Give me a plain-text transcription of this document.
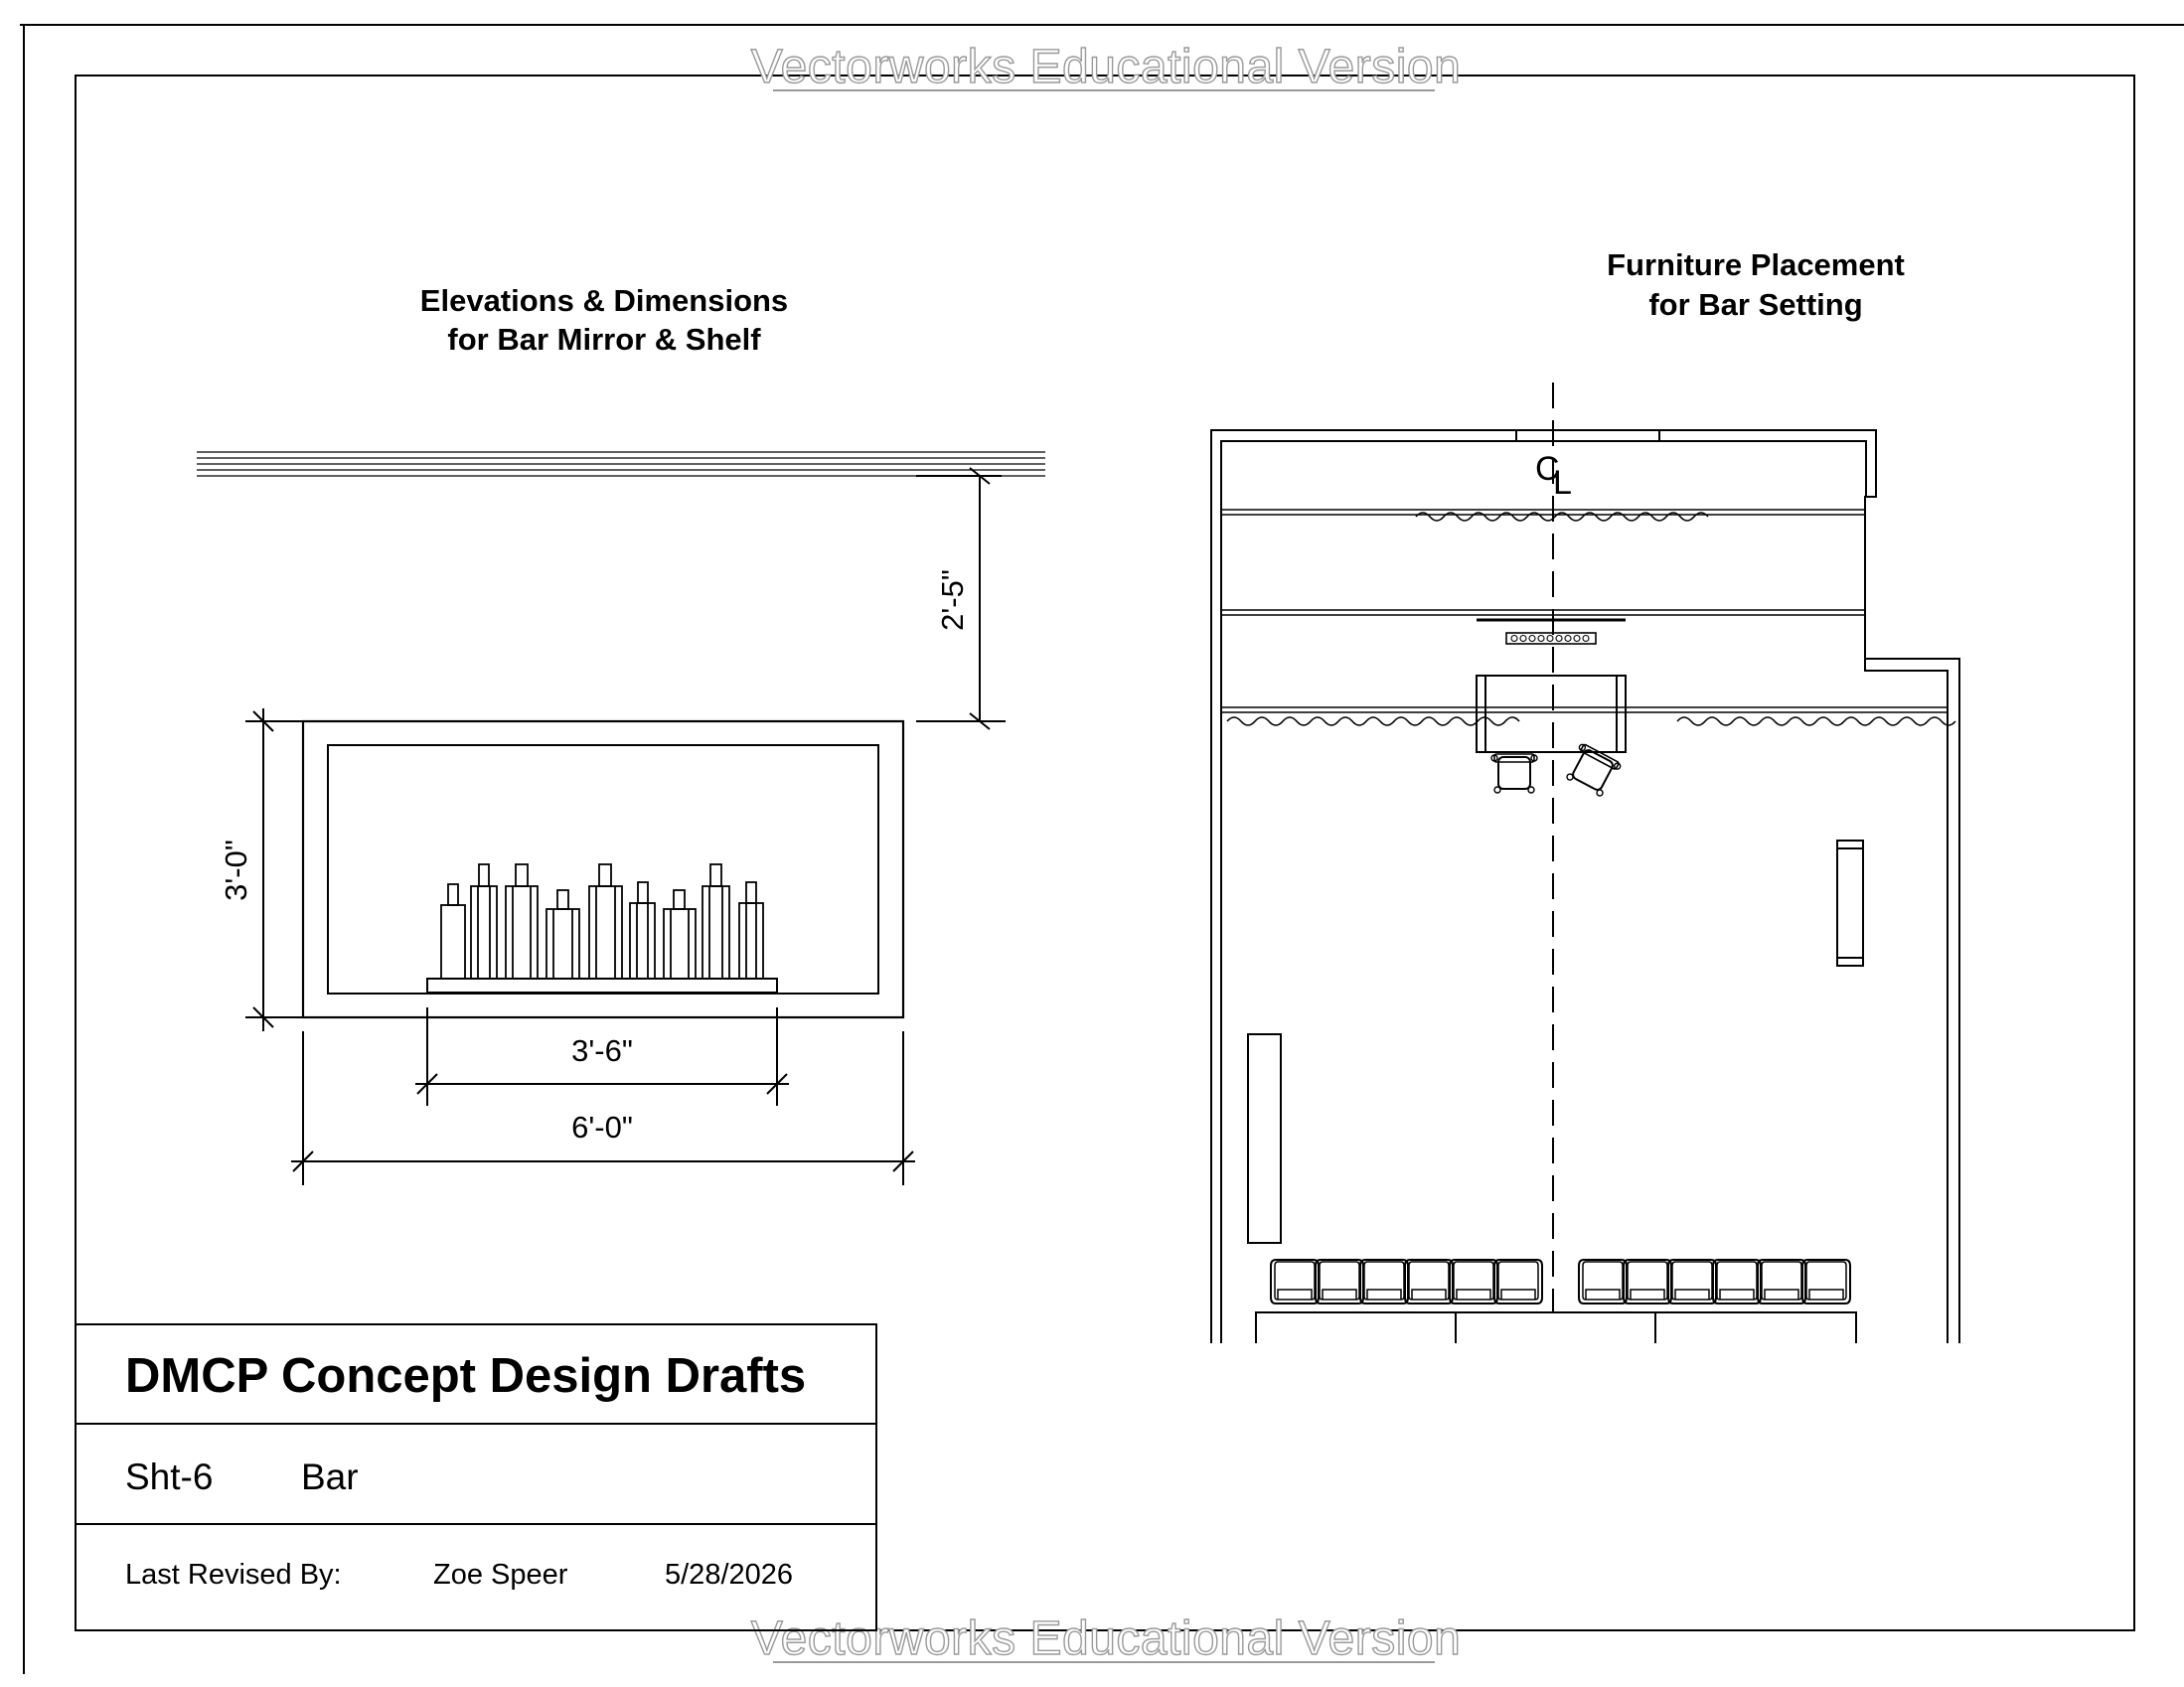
Vectorworks Educational Version
Vectorworks Educational Version
Elevations & Dimensions
for Bar Mirror & Shelf
2'-5"
3'-0"
3'-6"
6'-0"
Furniture Placement
for Bar Setting
C
L
DMCP Concept Design Drafts
Sht-6 Bar
Last Revised By:	Zoe Speer	5/28/2026
